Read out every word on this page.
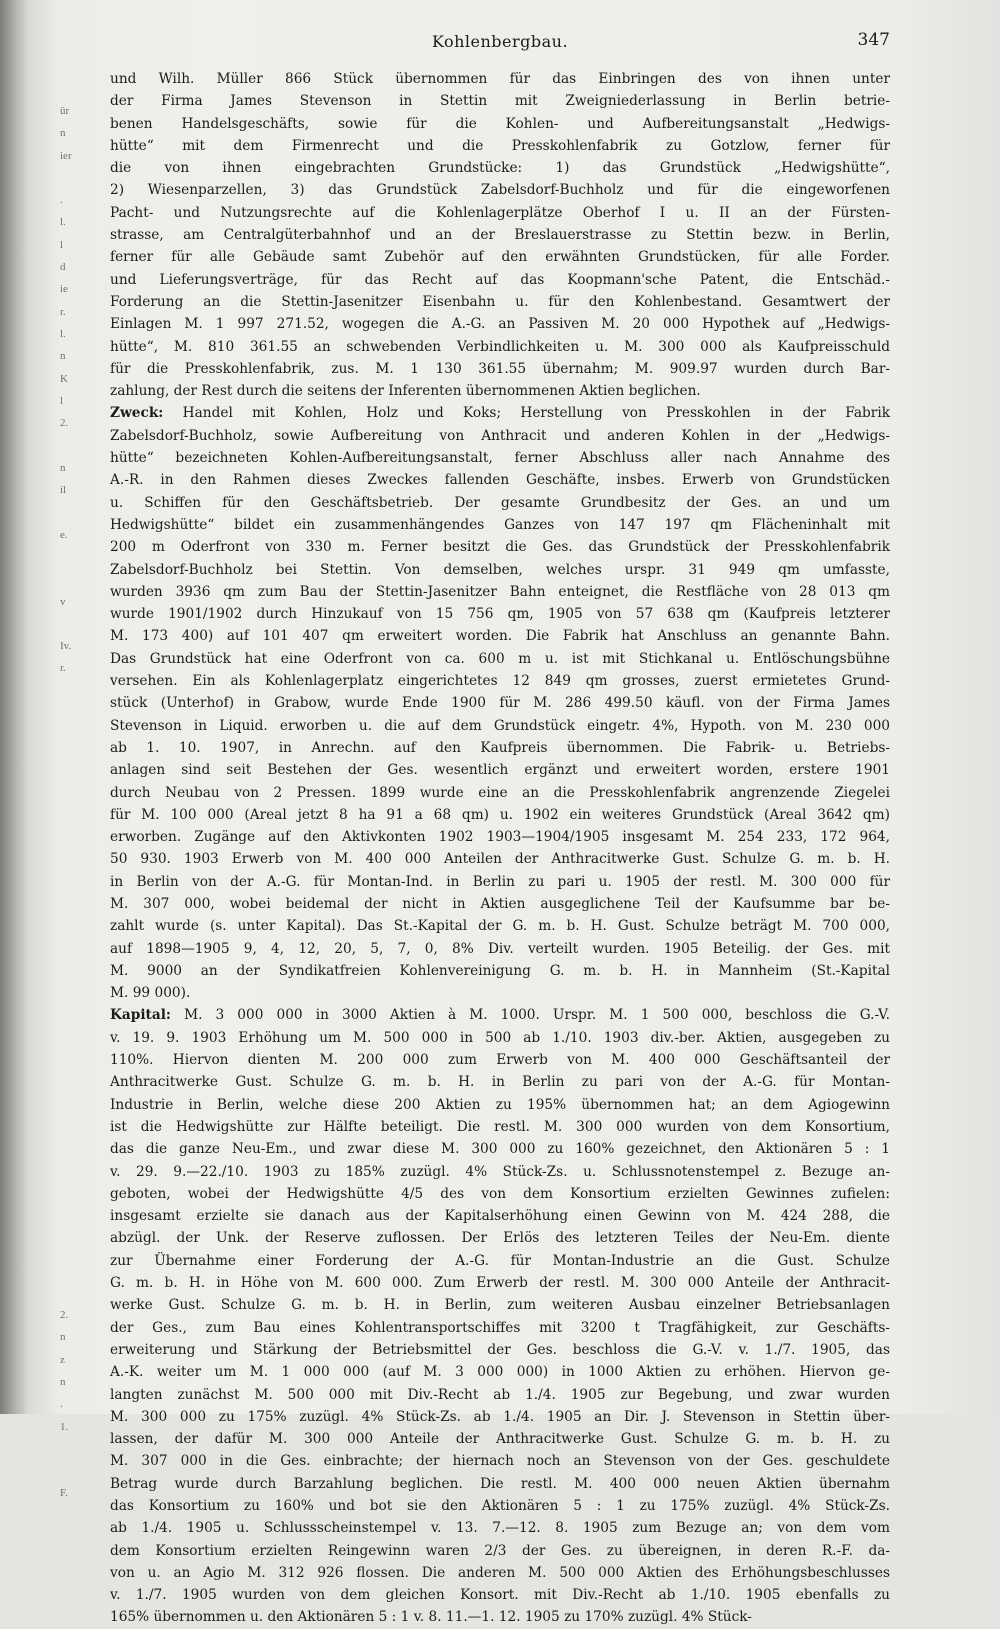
ür
n
ier

.
l.
l
d
ie
r.
l.
n
K
l
2.

n
il

e.

v

Iv.
r.

2.
n
z
n
.
1.

F.
Kohlenbergbau.	347
und Wilh. Müller 866 Stück übernommen für das Einbringen des von ihnen unter
der Firma James Stevenson in Stettin mit Zweigniederlassung in Berlin betrie-
benen Handelsgeschäfts, sowie für die Kohlen- und Aufbereitungsanstalt „Hedwigs-
hütte“ mit dem Firmenrecht und die Presskohlenfabrik zu Gotzlow, ferner für
die von ihnen eingebrachten Grundstücke: 1) das Grundstück „Hedwigshütte“,
2) Wiesenparzellen, 3) das Grundstück Zabelsdorf-Buchholz und für die eingeworfenen
Pacht- und Nutzungsrechte auf die Kohlenlagerplätze Oberhof I u. II an der Fürsten-
strasse, am Centralgüterbahnhof und an der Breslauerstrasse zu Stettin bezw. in Berlin,
ferner für alle Gebäude samt Zubehör auf den erwähnten Grundstücken, für alle Forder.
und Lieferungsverträge, für das Recht auf das Koopmann'sche Patent, die Entschäd.-
Forderung an die Stettin-Jasenitzer Eisenbahn u. für den Kohlenbestand. Gesamtwert der
Einlagen M. 1 997 271.52, wogegen die A.-G. an Passiven M. 20 000 Hypothek auf „Hedwigs-
hütte“, M. 810 361.55 an schwebenden Verbindlichkeiten u. M. 300 000 als Kaufpreisschuld
für die Presskohlenfabrik, zus. M. 1 130 361.55 übernahm; M. 909.97 wurden durch Bar-
zahlung, der Rest durch die seitens der Inferenten übernommenen Aktien beglichen.
Zweck: Handel mit Kohlen, Holz und Koks; Herstellung von Presskohlen in der Fabrik
Zabelsdorf-Buchholz, sowie Aufbereitung von Anthracit und anderen Kohlen in der „Hedwigs-
hütte“ bezeichneten Kohlen-Aufbereitungsanstalt, ferner Abschluss aller nach Annahme des
A.-R. in den Rahmen dieses Zweckes fallenden Geschäfte, insbes. Erwerb von Grundstücken
u. Schiffen für den Geschäftsbetrieb. Der gesamte Grundbesitz der Ges. an und um
Hedwigshütte“ bildet ein zusammenhängendes Ganzes von 147 197 qm Flächeninhalt mit
200 m Oderfront von 330 m. Ferner besitzt die Ges. das Grundstück der Presskohlenfabrik
Zabelsdorf-Buchholz bei Stettin. Von demselben, welches urspr. 31 949 qm umfasste,
wurden 3936 qm zum Bau der Stettin-Jasenitzer Bahn enteignet, die Restfläche von 28 013 qm
wurde 1901/1902 durch Hinzukauf von 15 756 qm, 1905 von 57 638 qm (Kaufpreis letzterer
M. 173 400) auf 101 407 qm erweitert worden. Die Fabrik hat Anschluss an genannte Bahn.
Das Grundstück hat eine Oderfront von ca. 600 m u. ist mit Stichkanal u. Entlöschungsbühne
versehen. Ein als Kohlenlagerplatz eingerichtetes 12 849 qm grosses, zuerst ermietetes Grund-
stück (Unterhof) in Grabow, wurde Ende 1900 für M. 286 499.50 käufl. von der Firma James
Stevenson in Liquid. erworben u. die auf dem Grundstück eingetr. 4%, Hypoth. von M. 230 000
ab 1. 10. 1907, in Anrechn. auf den Kaufpreis übernommen. Die Fabrik- u. Betriebs-
anlagen sind seit Bestehen der Ges. wesentlich ergänzt und erweitert worden, erstere 1901
durch Neubau von 2 Pressen. 1899 wurde eine an die Presskohlenfabrik angrenzende Ziegelei
für M. 100 000 (Areal jetzt 8 ha 91 a 68 qm) u. 1902 ein weiteres Grundstück (Areal 3642 qm)
erworben. Zugänge auf den Aktivkonten 1902 1903—1904/1905 insgesamt M. 254 233, 172 964,
50 930. 1903 Erwerb von M. 400 000 Anteilen der Anthracitwerke Gust. Schulze G. m. b. H.
in Berlin von der A.-G. für Montan-Ind. in Berlin zu pari u. 1905 der restl. M. 300 000 für
M. 307 000, wobei beidemal der nicht in Aktien ausgeglichene Teil der Kaufsumme bar be-
zahlt wurde (s. unter Kapital). Das St.-Kapital der G. m. b. H. Gust. Schulze beträgt M. 700 000,
auf 1898—1905 9, 4, 12, 20, 5, 7, 0, 8% Div. verteilt wurden. 1905 Beteilig. der Ges. mit
M. 9000 an der Syndikatfreien Kohlenvereinigung G. m. b. H. in Mannheim (St.-Kapital
M. 99 000).
Kapital: M. 3 000 000 in 3000 Aktien à M. 1000. Urspr. M. 1 500 000, beschloss die G.-V.
v. 19. 9. 1903 Erhöhung um M. 500 000 in 500 ab 1./10. 1903 div.-ber. Aktien, ausgegeben zu
110%. Hiervon dienten M. 200 000 zum Erwerb von M. 400 000 Geschäftsanteil der
Anthracitwerke Gust. Schulze G. m. b. H. in Berlin zu pari von der A.-G. für Montan-
Industrie in Berlin, welche diese 200 Aktien zu 195% übernommen hat; an dem Agiogewinn
ist die Hedwigshütte zur Hälfte beteiligt. Die restl. M. 300 000 wurden von dem Konsortium,
das die ganze Neu-Em., und zwar diese M. 300 000 zu 160% gezeichnet, den Aktionären 5 : 1
v. 29. 9.—22./10. 1903 zu 185% zuzügl. 4% Stück-Zs. u. Schlussnotenstempel z. Bezuge an-
geboten, wobei der Hedwigshütte 4/5 des von dem Konsortium erzielten Gewinnes zufielen:
insgesamt erzielte sie danach aus der Kapitalserhöhung einen Gewinn von M. 424 288, die
abzügl. der Unk. der Reserve zuflossen. Der Erlös des letzteren Teiles der Neu-Em. diente
zur Übernahme einer Forderung der A.-G. für Montan-Industrie an die Gust. Schulze
G. m. b. H. in Höhe von M. 600 000. Zum Erwerb der restl. M. 300 000 Anteile der Anthracit-
werke Gust. Schulze G. m. b. H. in Berlin, zum weiteren Ausbau einzelner Betriebsanlagen
der Ges., zum Bau eines Kohlentransportschiffes mit 3200 t Tragfähigkeit, zur Geschäfts-
erweiterung und Stärkung der Betriebsmittel der Ges. beschloss die G.-V. v. 1./7. 1905, das
A.-K. weiter um M. 1 000 000 (auf M. 3 000 000) in 1000 Aktien zu erhöhen. Hiervon ge-
langten zunächst M. 500 000 mit Div.-Recht ab 1./4. 1905 zur Begebung, und zwar wurden
M. 300 000 zu 175% zuzügl. 4% Stück-Zs. ab 1./4. 1905 an Dir. J. Stevenson in Stettin über-
lassen, der dafür M. 300 000 Anteile der Anthracitwerke Gust. Schulze G. m. b. H. zu
M. 307 000 in die Ges. einbrachte; der hiernach noch an Stevenson von der Ges. geschuldete
Betrag wurde durch Barzahlung beglichen. Die restl. M. 400 000 neuen Aktien übernahm
das Konsortium zu 160% und bot sie den Aktionären 5 : 1 zu 175% zuzügl. 4% Stück-Zs.
ab 1./4. 1905 u. Schlussscheinstempel v. 13. 7.—12. 8. 1905 zum Bezuge an; von dem vom
dem Konsortium erzielten Reingewinn waren 2/3 der Ges. zu übereignen, in deren R.-F. da-
von u. an Agio M. 312 926 flossen. Die anderen M. 500 000 Aktien des Erhöhungsbeschlusses
v. 1./7. 1905 wurden von dem gleichen Konsort. mit Div.-Recht ab 1./10. 1905 ebenfalls zu
165% übernommen u. den Aktionären 5 : 1 v. 8. 11.—1. 12. 1905 zu 170% zuzügl. 4% Stück-
